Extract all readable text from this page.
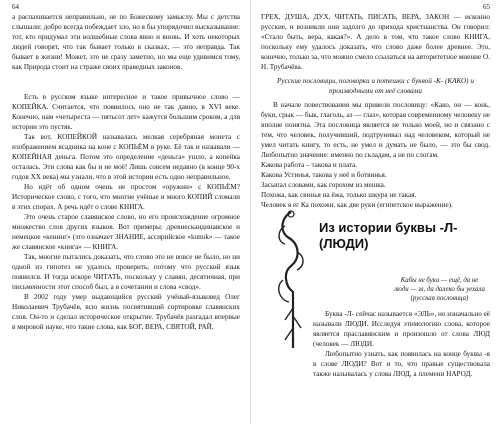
64

а распахивается неправильно, не по Божескому замыслу. Мы с детства слышали: добро всегда побеждает зло, но я бы упорядочил высказывание: тот, кто придумал эти волшебные слова явно и вновь. И хоть некоторых людей говорят, что так бывает только в сказках, — это неправда. Так бывает в жизни! Может, это не сразу заметно, но мы еще удивимся тому, как Природа стоит на страже своих праведных законов.

Есть в русском языке интересное и такое привычное слово — КОПЕЙКА. Считается, что появилось оно не так давно, в XVI веке. Конечно, нам «четыреста — пятьсот лет» кажутся большим сроком, а для истории это пустяк.

Так вот, КОПЕЙКОЙ называлась мелкая серебряная монета с изображением всадника на коне с КОПЬЁМ в руке. Её так и называли — КОПЕЙНАЯ деньга. Потом это определение «деньга» ушло, а копейка осталась. Эти слова как бы и не моё! Лишь совсем недавно (в конце 90-х годов XX века) мы узнали, что в этой истории есть одно неправильное.

Но идёт об одном очень не простом «оружии» с КОПЬЁМ? Историческое слово, с того, что многие учёные и много КОПИЙ сломали в этих спорах. А речь идёт о слове КНИГА.

Это очень старое славянское слово, но его происхождение огромное множество слов других языков. Вот примеры: древнескандинавское и немецкое «кенинг» (это означает ЗНАНИЕ, ассирийское «kunuk» — такое же славянское «книга» — КНИГА.

Так, многие пытались доказать, что слово это не вовсе не было, но ни одной из гипотез не удалось проверить, потому что русский язык появился. И тогда вскоре ЧИТАТЬ, поскольку у славян, десятичная, при письменности этот способ был, а в сочетании и слова «свод».

В 2002 году умер выдающийся русский учёный-языковед Олег Николаевич Трубачёв, всю жизнь посвятивший сортировке славянских слов. Он-то и сделал историческое открытие. Трубачёв разгадал впервые в мировой науке, что такие слова, как БОГ, ВЕРА, СВЯТОЙ, РАЙ,

65

ГРЕХ, ДУША, ДУХ, ЧИТАТЬ, ПИСАТЬ, ВЕРА, ЗАКОН — исконно русские, и возникли они задолго до прихода христианства. Он говорил: «Стало быть, вера, какая?». А дело в том, что такое слово КНИГА, поскольку ему удалось доказать, что слово даже более древнее. Это, конечно, только за, что можно смело ссылаться на авторитетное мнение О. Н. Трубачёва.

Русские пословицы, поговорки и потешки с буквой -К- (КАКО) и производными от неё словами

В начале повествования мы привели пословицу: «Како, он — конь, буки, срык — бык, глаголь, аз — глаз», которая современному человеку не вполне понятна. Эта пословица является не только моей, но и связано с тем, что человек, получивший, подтрунивал над человеком, который не умел читать книгу, то есть, не умел и думать не было, — это бы свод. Любопытно значение: именно по складам, а не по слогам.

Какова работа – такова и плата.

Какова Устинья, такова у неё и ботвинья.

Засыпал словами, как горохом из мешка.

Похожа, как свинья на ёжа, только шкура не такая.

Человек я ег Ка похожи, как две руки (египетское выражение).

Из истории буквы -Л-
(ЛЮДИ)
Кабы не буки — ещё, да не
люди — зл, да далеко бы уехала
(русская пословица)

Буква -Л- сейчас называется «ЭЛЬ», но изначально её называли ЛЮДИ. Исследуя этимологию слова, которое является праславянским и произошло от слова ЛЮД (человек — ЛЮДИ.

Любопытно узнать, как появилась на конце буквы -я в слове ЛЮДИ? Вот и то, что правые существовала также называлась у слова ЛЮД, а племени НАРОД.
